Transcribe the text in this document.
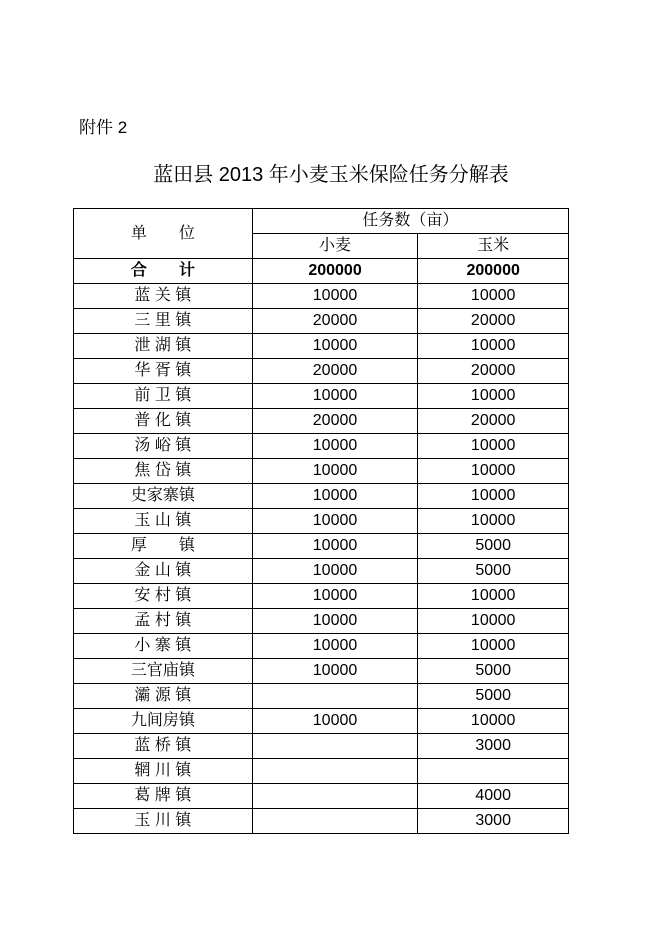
附件 2
蓝田县 2013 年小麦玉米保险任务分解表
单　　位	任务数（亩）	
	小麦	玉米
合　　计	200000	200000
蓝 关 镇	10000	10000
三 里 镇	20000	20000
泄 湖 镇	10000	10000
华 胥 镇	20000	20000
前 卫 镇	10000	10000
普 化 镇	20000	20000
汤 峪 镇	10000	10000
焦 岱 镇	10000	10000
史家寨镇	10000	10000
玉 山 镇	10000	10000
厚　　镇	10000	5000
金 山 镇	10000	5000
安 村 镇	10000	10000
孟 村 镇	10000	10000
小 寨 镇	10000	10000
三官庙镇	10000	5000
灞 源 镇		5000
九间房镇	10000	10000
蓝 桥 镇		3000
辋 川 镇		
葛 牌 镇		4000
玉 川 镇		3000
